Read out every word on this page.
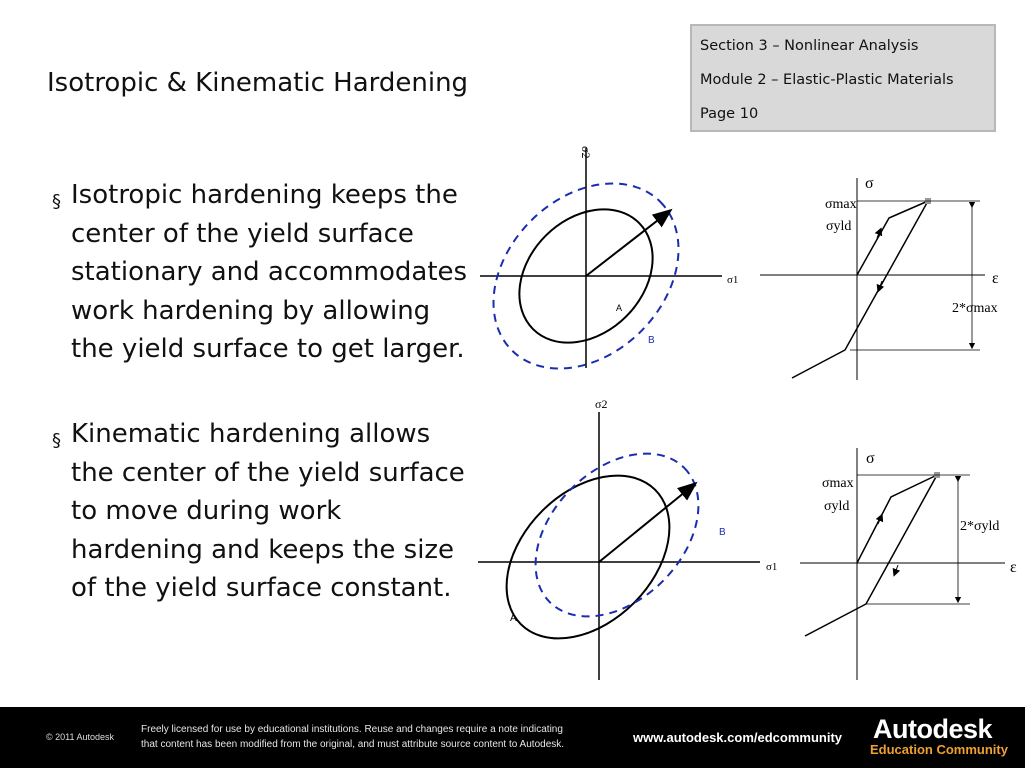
Isotropic & Kinematic Hardening
Section 3 – Nonlinear Analysis
Module 2 – Elastic-Plastic Materials
Page 10
§ Isotropic hardening keeps the
center of the yield surface
stationary and accommodates
work hardening by allowing
the yield surface to get larger.
§ Kinematic hardening allows
the center of the yield surface
to move during work
hardening and keeps the size
of the yield surface constant.
σ2
σ1
A
B
σ
ε
σmax
σyld
2*σmax
σ2
σ1
A
B
σ
ε
σmax
σyld
2*σyld
© 2011 Autodesk
Freely licensed for use by educational institutions. Reuse and changes require a note indicating
that content has been modified from the original, and must attribute source content to Autodesk.	www.autodesk.com/edcommunity Autodesk
Education Community
